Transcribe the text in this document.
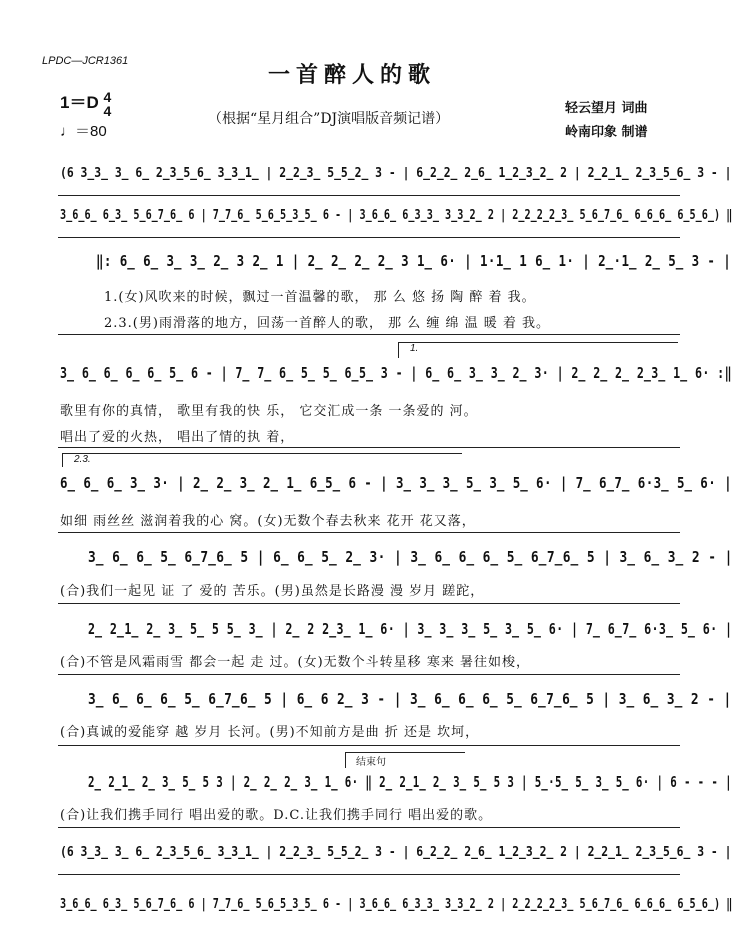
LPDC—JCR1361
一首醉人的歌
1＝D 4
4
♩＝80
（根据“星月组合”DJ演唱版音频记谱）
轻云望月 词曲
岭南印象 制谱
(6 3̲3̲ 3̲ 6̲ 2̲3̲5̲6̲ 3̲3̲1̲ | 2̲2̲3̲ 5̲5̲2̲ 3 - | 6̲2̲2̲ 2̲6̲ 1̲2̲3̲2̲ 2 | 2̲2̲1̲ 2̲3̲5̲6̲ 3 - |
3̲6̲6̲ 6̲3̲ 5̲6̲7̲6̲ 6 | 7̲7̲6̲ 5̲6̲5̲3̲5̲ 6 - | 3̲6̲6̲ 6̲3̲3̲ 3̲3̲2̲ 2 | 2̲2̲2̲2̲3̲ 5̲6̲7̲6̲ 6̲6̲6̲ 6̲5̲6̲) ‖
‖: 6̲ 6̲ 3̲ 3̲ 2̲ 3 2̲ 1 | 2̲ 2̲ 2̲ 2̲ 3 1̲ 6· | 1·1̲ 1 6̲ 1· | 2̲·1̲ 2̲ 5̲ 3 - |
1.(女)风吹来的时候，飘过一首温馨的歌， 那 么 悠 扬 陶 醉 着 我。
2.3.(男)雨滑落的地方，回荡一首醉人的歌， 那 么 缠 绵 温 暖 着 我。
1.
3̲ 6̲ 6̲ 6̲ 6̲ 5̲ 6 - | 7̲ 7̲ 6̲ 5̲ 5̲ 6̲5̲ 3 - | 6̲ 6̲ 3̲ 3̲ 2̲ 3· | 2̲ 2̲ 2̲ 2̲3̲ 1̲ 6· :‖
歌里有你的真情， 歌里有我的快 乐， 它交汇成一条 一条爱的 河。
唱出了爱的火热， 唱出了情的执 着，
2.3.
6̲ 6̲ 6̲ 3̲ 3· | 2̲ 2̲ 3̲ 2̲ 1̲ 6̲5̲ 6 - | 3̲ 3̲ 3̲ 5̲ 3̲ 5̲ 6· | 7̲ 6̲7̲ 6·3̲ 5̲ 6· |
如细 雨丝丝 滋润着我的心 窝。(女)无数个春去秋来 花开 花又落，
3̲ 6̲ 6̲ 5̲ 6̲7̲6̲ 5 | 6̲ 6̲ 5̲ 2̲ 3· | 3̲ 6̲ 6̲ 6̲ 5̲ 6̲7̲6̲ 5 | 3̲ 6̲ 3̲ 2 - |
(合)我们一起见 证 了 爱的 苦乐。(男)虽然是长路漫 漫 岁月 蹉跎，
2̲ 2̲1̲ 2̲ 3̲ 5̲ 5 5̲ 3̲ | 2̲ 2 2̲3̲ 1̲ 6· | 3̲ 3̲ 3̲ 5̲ 3̲ 5̲ 6· | 7̲ 6̲7̲ 6·3̲ 5̲ 6· |
(合)不管是风霜雨雪 都会一起 走 过。(女)无数个斗转星移 寒来 暑往如梭，
3̲ 6̲ 6̲ 6̲ 5̲ 6̲7̲6̲ 5 | 6̲ 6 2̲ 3 - | 3̲ 6̲ 6̲ 6̲ 5̲ 6̲7̲6̲ 5 | 3̲ 6̲ 3̲ 2 - |
(合)真诚的爱能穿 越 岁月 长河。(男)不知前方是曲 折 还是 坎坷，
结束句
2̲ 2̲1̲ 2̲ 3̲ 5̲ 5 3 | 2̲ 2̲ 2̲ 3̲ 1̲ 6· ‖ 2̲ 2̲1̲ 2̲ 3̲ 5̲ 5 3 | 5̲·5̲ 5̲ 3̲ 5̲ 6· | 6 - - - |
(合)让我们携手同行 唱出爱的歌。D.C.让我们携手同行 唱出爱的歌。
(6 3̲3̲ 3̲ 6̲ 2̲3̲5̲6̲ 3̲3̲1̲ | 2̲2̲3̲ 5̲5̲2̲ 3 - | 6̲2̲2̲ 2̲6̲ 1̲2̲3̲2̲ 2 | 2̲2̲1̲ 2̲3̲5̲6̲ 3 - |
3̲6̲6̲ 6̲3̲ 5̲6̲7̲6̲ 6 | 7̲7̲6̲ 5̲6̲5̲3̲5̲ 6 - | 3̲6̲6̲ 6̲3̲3̲ 3̲3̲2̲ 2 | 2̲2̲2̲2̲3̲ 5̲6̲7̲6̲ 6̲6̲6̲ 6̲5̲6̲) ‖
